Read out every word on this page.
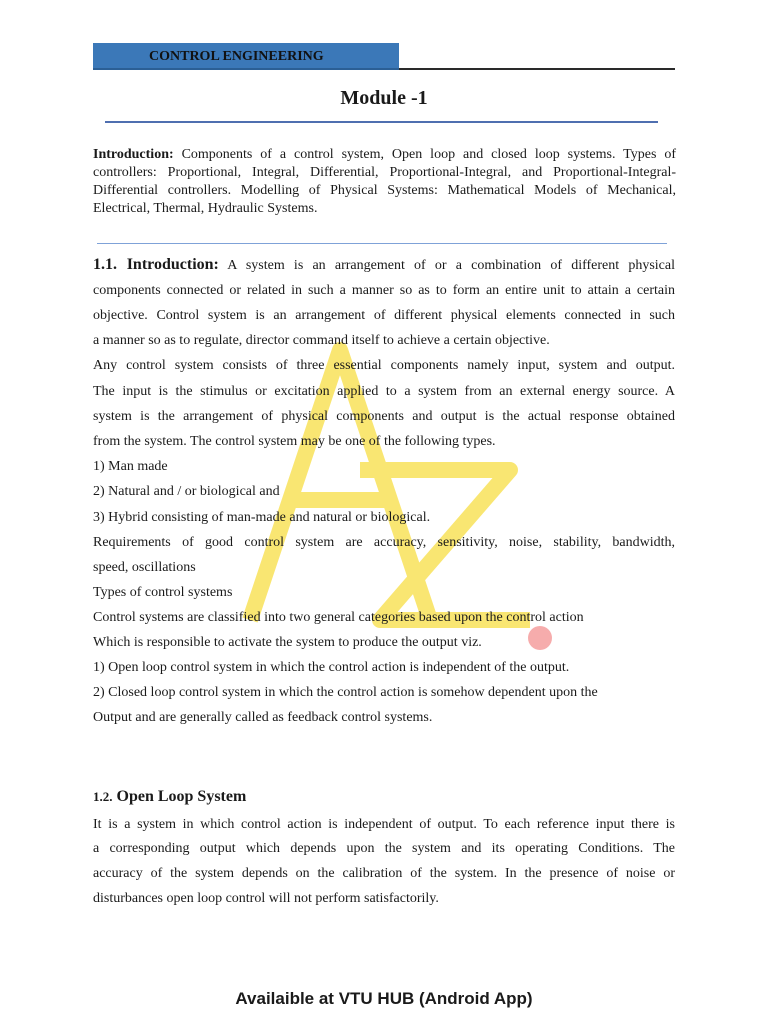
CONTROL ENGINEERING
Module -1
Introduction: Components of a control system, Open loop and closed loop systems. Types of controllers: Proportional, Integral, Differential, Proportional-Integral, and Proportional-Integral-Differential controllers. Modelling of Physical Systems: Mathematical Models of Mechanical, Electrical, Thermal, Hydraulic Systems.
1.1. Introduction: A system is an arrangement of or a combination of different physical
components connected or related in such a manner so as to form an entire unit to attain a certain
objective. Control system is an arrangement of different physical elements connected in such
a manner so as to regulate, director command itself to achieve a certain objective.
Any control system consists of three essential components namely input, system and output.
The input is the stimulus or excitation applied to a system from an external energy source. A
system is the arrangement of physical components and output is the actual response obtained
from the system. The control system may be one of the following types.
1) Man made
2) Natural and / or biological and
3) Hybrid consisting of man-made and natural or biological.
Requirements of good control system are accuracy, sensitivity, noise, stability, bandwidth,
speed, oscillations
Types of control systems
Control systems are classified into two general categories based upon the control action
Which is responsible to activate the system to produce the output viz.
1) Open loop control system in which the control action is independent of the output.
2) Closed loop control system in which the control action is somehow dependent upon the
Output and are generally called as feedback control systems.
1.2. Open Loop System
It is a system in which control action is independent of output. To each reference input there is
a corresponding output which depends upon the system and its operating Conditions. The
accuracy of the system depends on the calibration of the system. In the presence of noise or
disturbances open loop control will not perform satisfactorily.
Availaible at VTU HUB (Android App)
